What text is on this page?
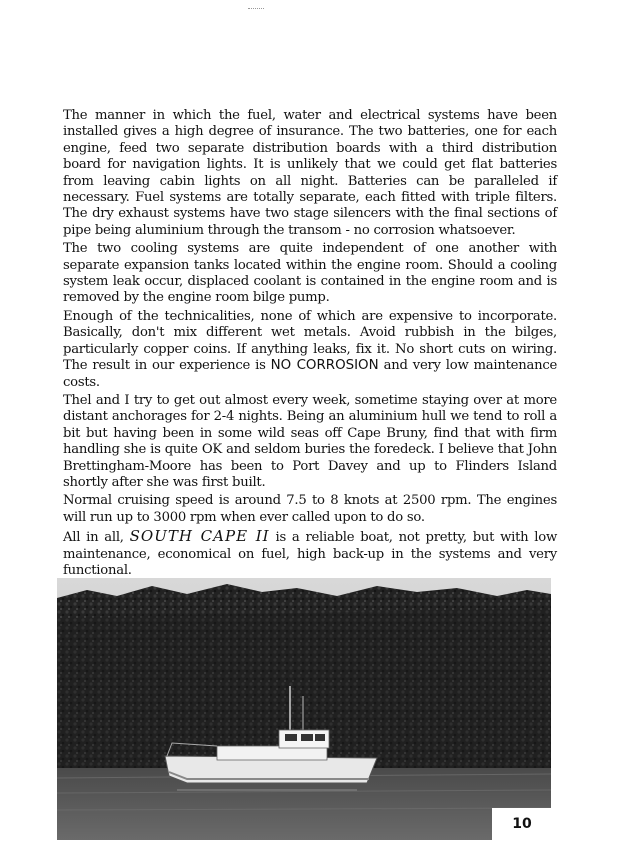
The manner in which the fuel, water and electrical systems have been installed gives a high degree of insurance. The two batteries, one for each engine, feed two separate distribution boards with a third distribution board for navigation lights. It is unlikely that we could get flat batteries from leaving cabin lights on all night. Batteries can be paralleled if necessary. Fuel systems are totally separate, each fitted with triple filters. The dry exhaust systems have two stage silencers with the final sections of pipe being aluminium through the transom - no corrosion whatsoever.

The two cooling systems are quite independent of one another with separate expansion tanks located within the engine room. Should a cooling system leak occur, displaced coolant is contained in the engine room and is removed by the engine room bilge pump.

Enough of the technicalities, none of which are expensive to incorporate. Basically, don't mix different wet metals. Avoid rubbish in the bilges, particularly copper coins. If anything leaks, fix it. No short cuts on wiring. The result in our experience is NO CORROSION and very low maintenance costs.

Thel and I try to get out almost every week, sometime staying over at more distant anchorages for 2-4 nights. Being an aluminium hull we tend to roll a bit but having been in some wild seas off Cape Bruny, find that with firm handling she is quite OK and seldom buries the foredeck. I believe that John Brettingham-Moore has been to Port Davey and up to Flinders Island shortly after she was first built.

Normal cruising speed is around 7.5 to 8 knots at 2500 rpm. The engines will run up to 3000 rpm when ever called upon to do so.

All in all, SOUTH CAPE II is a reliable boat, not pretty, but with low maintenance, economical on fuel, high back-up in the systems and very functional.

10
